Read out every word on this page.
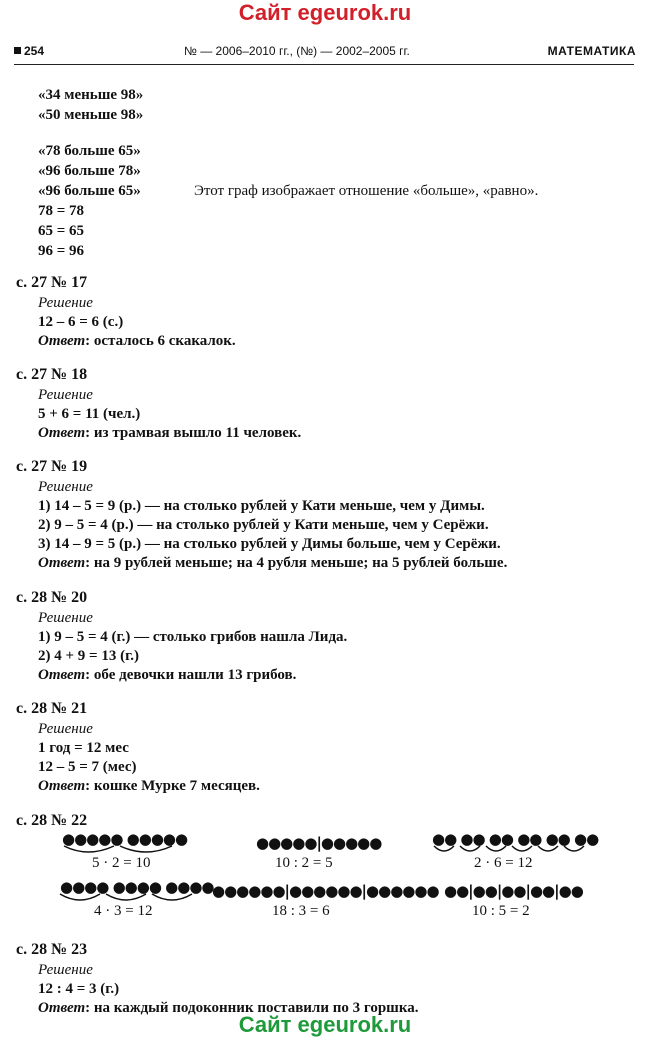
Сайт egeurok.ru
254	№ — 2006–2010 гг., (№) — 2002–2005 гг.	МАТЕМАТИКА
«34 меньше 98»
«50 меньше 98»
«78 больше 65»
«96 больше 78»
«96 больше 65»	Этот граф изображает отношение «больше», «равно».
78 = 78
65 = 65
96 = 96
с. 27 № 17
Решение
12 – 6 = 6 (с.)
Ответ: осталось 6 скакалок.
с. 27 № 18
Решение
5 + 6 = 11 (чел.)
Ответ: из трамвая вышло 11 человек.
с. 27 № 19
Решение
1) 14 – 5 = 9 (р.) — на столько рублей у Кати меньше, чем у Димы.
2) 9 – 5 = 4 (р.) — на столько рублей у Кати меньше, чем у Серёжи.
3) 14 – 9 = 5 (р.) — на столько рублей у Димы больше, чем у Серёжи.
Ответ: на 9 рублей меньше; на 4 рубля меньше; на 5 рублей больше.
с. 28 № 20
Решение
1) 9 – 5 = 4 (г.) — столько грибов нашла Лида.
2) 4 + 9 = 13 (г.)
Ответ: обе девочки нашли 13 грибов.
с. 28 № 21
Решение
1 год = 12 мес
12 – 5 = 7 (мес)
Ответ: кошке Мурке 7 месяцев.
с. 28 № 22
●●●●● ●●●●●
5 · 2 = 10
●●●●●|●●●●●
10 : 2 = 5
●● ●● ●● ●● ●● ●●
2 · 6 = 12
●●●● ●●●● ●●●●
4 · 3 = 12
●●●●●●|●●●●●●|●●●●●●
18 : 3 = 6
●●|●●|●●|●●|●●
10 : 5 = 2
с. 28 № 23
Решение
12 : 4 = 3 (г.)
Ответ: на каждый подоконник поставили по 3 горшка.
Сайт egeurok.ru
